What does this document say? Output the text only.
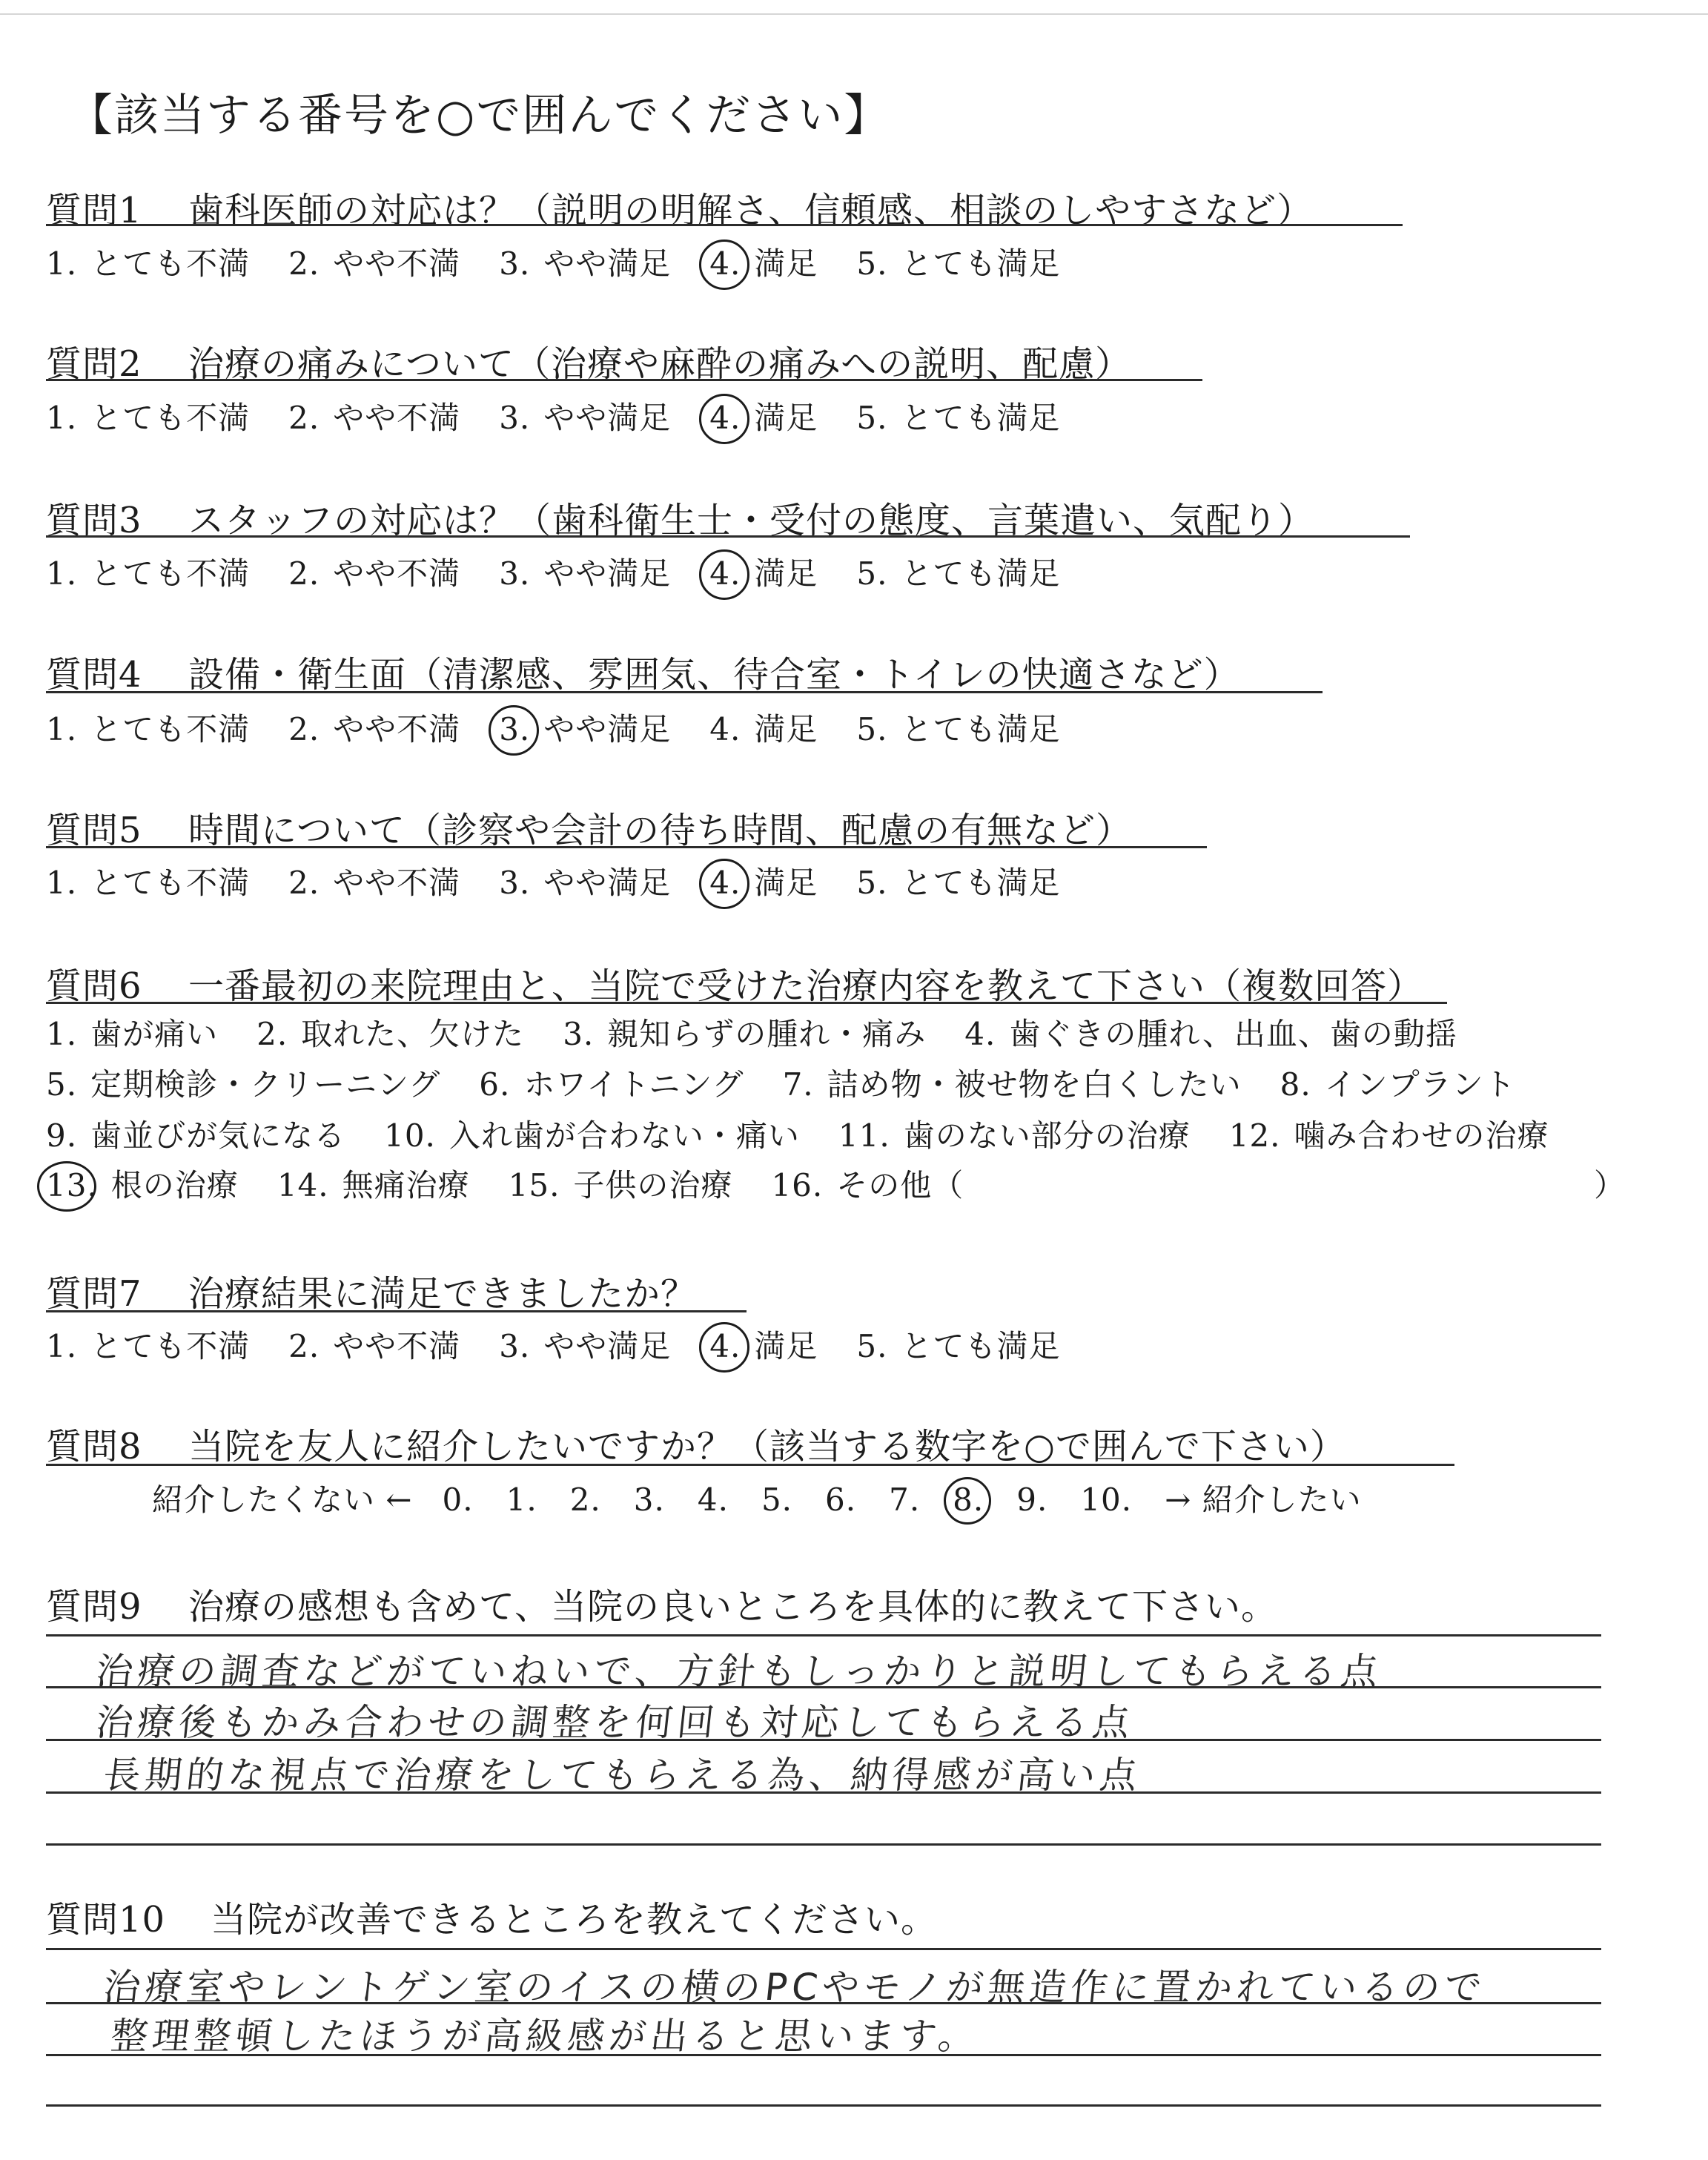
【該当する番号を○で囲んでください】
質問1 歯科医師の対応は？（説明の明解さ、信頼感、相談のしやすさなど）
1. とても不満 2. やや不満 3. やや満足 4. 満足 5. とても満足
質問2 治療の痛みについて（治療や麻酔の痛みへの説明、配慮）
1. とても不満 2. やや不満 3. やや満足 4. 満足 5. とても満足
質問3 スタッフの対応は？（歯科衛生士・受付の態度、言葉遣い、気配り）
1. とても不満 2. やや不満 3. やや満足 4. 満足 5. とても満足
質問4 設備・衛生面（清潔感、雰囲気、待合室・トイレの快適さなど）
1. とても不満 2. やや不満 3. やや満足 4. 満足 5. とても満足
質問5 時間について（診察や会計の待ち時間、配慮の有無など）
1. とても不満 2. やや不満 3. やや満足 4. 満足 5. とても満足
質問6 一番最初の来院理由と、当院で受けた治療内容を教えて下さい（複数回答）
1. 歯が痛い 2. 取れた、欠けた 3. 親知らずの腫れ・痛み 4. 歯ぐきの腫れ、出血、歯の動揺
5. 定期検診・クリーニング 6. ホワイトニング 7. 詰め物・被せ物を白くしたい 8. インプラント
9. 歯並びが気になる 10. 入れ歯が合わない・痛い 11. 歯のない部分の治療 12. 噛み合わせの治療
13. 根の治療 14. 無痛治療 15. 子供の治療 16. その他（	）
質問7 治療結果に満足できましたか？
1. とても不満 2. やや不満 3. やや満足 4. 満足 5. とても満足
質問8 当院を友人に紹介したいですか？（該当する数字を○で囲んで下さい）
紹介したくない ← 0. 1. 2. 3. 4. 5. 6. 7. 8. 9. 10. → 紹介したい
質問9 治療の感想も含めて、当院の良いところを具体的に教えて下さい。
治療の調査などがていねいで、方針もしっかりと説明してもらえる点
治療後もかみ合わせの調整を何回も対応してもらえる点
長期的な視点で治療をしてもらえる為、納得感が高い点
質問10 当院が改善できるところを教えてください。
治療室やレントゲン室のイスの横のPCやモノが無造作に置かれているので
整理整頓したほうが高級感が出ると思います。
